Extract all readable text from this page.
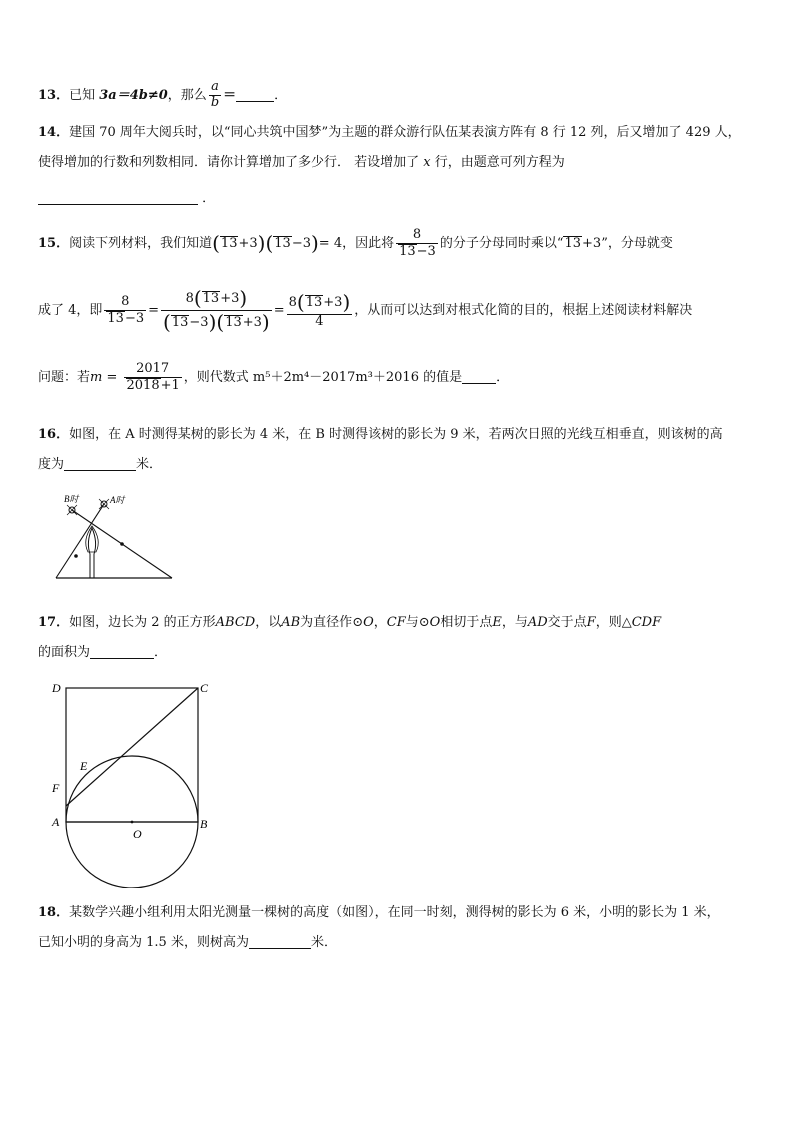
13．已知 3a＝4b≠0，那么 $\frac{a}{b}$ ＝	．
14．建国 70 周年大阅兵时，以“同心共筑中国梦”为主题的群众游行队伍某表演方阵有 8 行 12 列，后又增加了 429 人，
使得增加的行数和列数相同．请你计算增加了多少行． 若设增加了 x 行，由题意可列方程为
．
15．阅读下列材料，我们知道(13+3)(13−3)= 4，因此将 $\frac{8}{13-3}$ 的分子分母同时乘以“13+3”，分母就变
成了 4，即 $\frac{8}{13-3} = \frac{8(13+3)}{(13-3)(13+3)} = \frac{8(13+3)}{4}$ ，从而可以达到对根式化简的目的，根据上述阅读材料解决
问题：若$m = \frac{2017}{2018+1}$ ，则代数式 m⁵＋2m⁴－2017m³＋2016 的值是	．
16．如图，在 A 时测得某树的影长为 4 米，在 B 时测得该树的影长为 9 米，若两次日照的光线互相垂直，则该树的高
度为	米．
B时	A时
17．如图，边长为 2 的正方形ABCD，以AB为直径作⊙O，CF与⊙O相切于点E，与AD交于点F，则△CDF
的面积为	．
D	C
E
F
A	B
O
18．某数学兴趣小组利用太阳光测量一棵树的高度（如图），在同一时刻，测得树的影长为 6 米，小明的影长为 1 米，
已知小明的身高为 1.5 米，则树高为	米．
